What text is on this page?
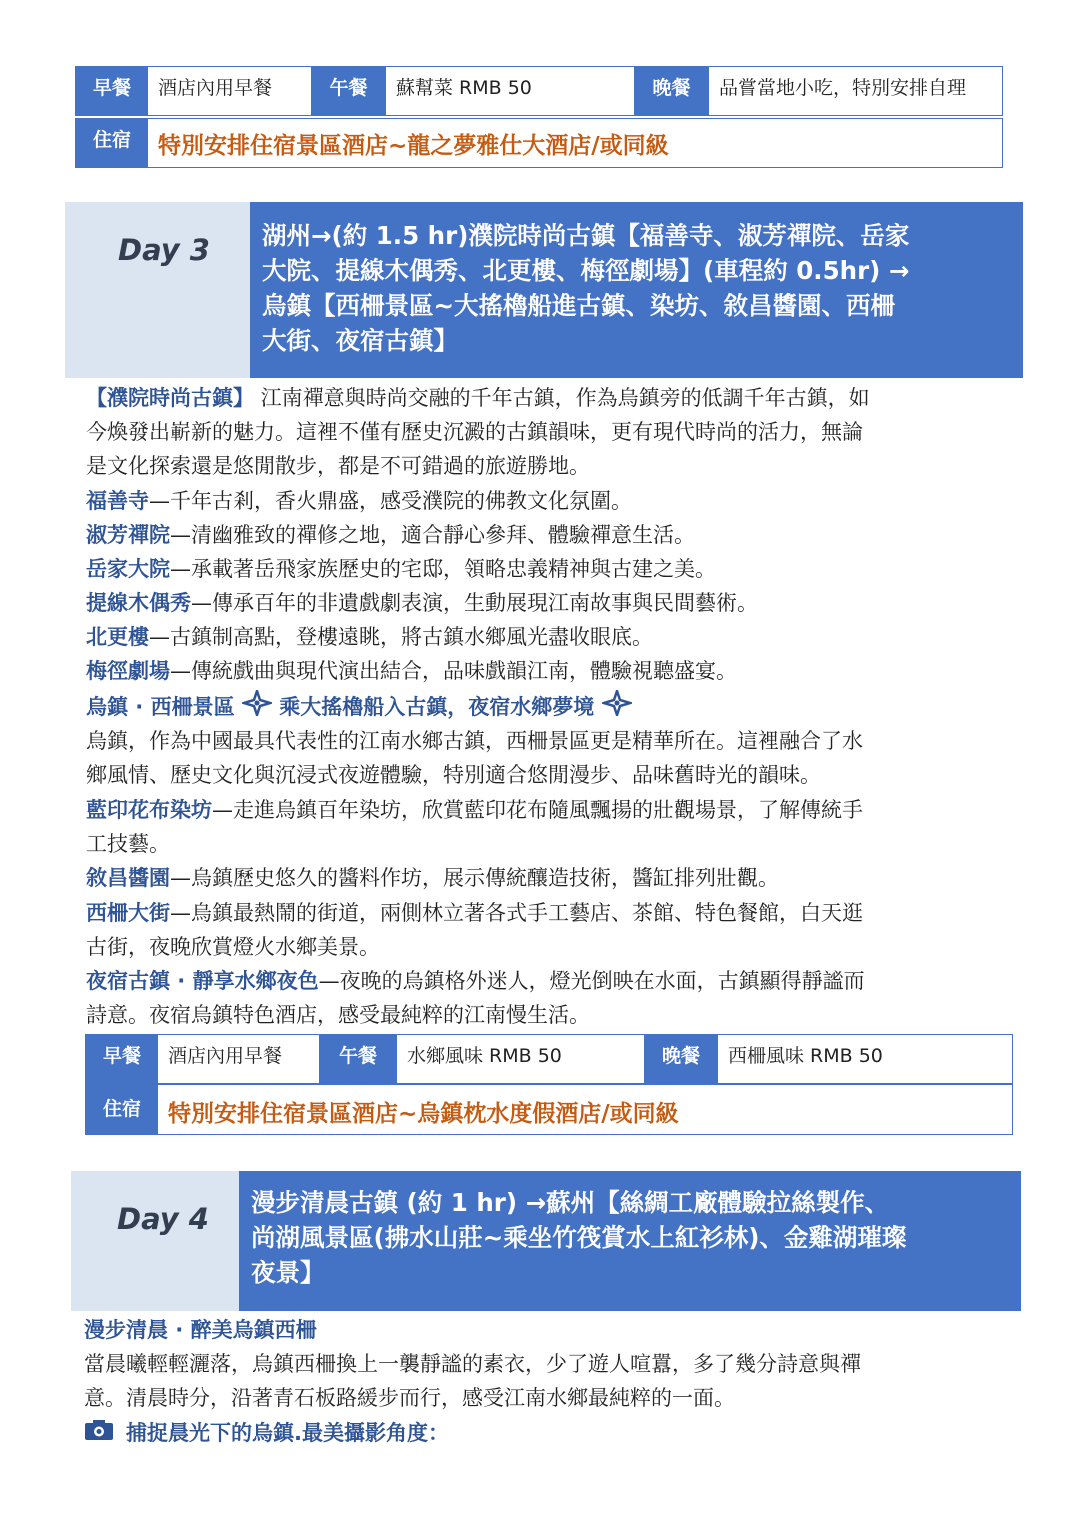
早餐	酒店內用早餐	午餐	蘇幫菜 RMB 50	晚餐	品嘗當地小吃，特別安排自理
住宿	特別安排住宿景區酒店~龍之夢雅仕大酒店/或同級
Day 3 湖州→(約 1.5 hr)濮院時尚古鎮【福善寺、淑芳禪院、岳家
大院、提線木偶秀、北更樓、梅徑劇場】(車程約 0.5hr) →
烏鎮【西柵景區~大搖櫓船進古鎮、染坊、敘昌醬園、西柵
大街、夜宿古鎮】
【濮院時尚古鎮】 江南禪意與時尚交融的千年古鎮，作為烏鎮旁的低調千年古鎮，如
今煥發出嶄新的魅力。這裡不僅有歷史沉澱的古鎮韻味，更有現代時尚的活力，無論
是文化探索還是悠閒散步，都是不可錯過的旅遊勝地。
福善寺—千年古剎，香火鼎盛，感受濮院的佛教文化氛圍。
淑芳禪院—清幽雅致的禪修之地，適合靜心參拜、體驗禪意生活。
岳家大院—承載著岳飛家族歷史的宅邸，領略忠義精神與古建之美。
提線木偶秀—傳承百年的非遺戲劇表演，生動展現江南故事與民間藝術。
北更樓—古鎮制高點，登樓遠眺，將古鎮水鄉風光盡收眼底。
梅徑劇場—傳統戲曲與現代演出結合，品味戲韻江南，體驗視聽盛宴。
烏鎮 · 西柵景區 乘大搖櫓船入古鎮，夜宿水鄉夢境
烏鎮，作為中國最具代表性的江南水鄉古鎮，西柵景區更是精華所在。這裡融合了水
鄉風情、歷史文化與沉浸式夜遊體驗，特別適合悠閒漫步、品味舊時光的韻味。
藍印花布染坊—走進烏鎮百年染坊，欣賞藍印花布隨風飄揚的壯觀場景，了解傳統手
工技藝。
敘昌醬園—烏鎮歷史悠久的醬料作坊，展示傳統釀造技術，醬缸排列壯觀。
西柵大街—烏鎮最熱鬧的街道，兩側林立著各式手工藝店、茶館、特色餐館，白天逛
古街，夜晚欣賞燈火水鄉美景。
夜宿古鎮 · 靜享水鄉夜色—夜晚的烏鎮格外迷人，燈光倒映在水面，古鎮顯得靜謐而
詩意。夜宿烏鎮特色酒店，感受最純粹的江南慢生活。
早餐	酒店內用早餐	午餐	水鄉風味 RMB 50	晚餐	西柵風味 RMB 50
住宿	特別安排住宿景區酒店~烏鎮枕水度假酒店/或同級
Day 4 漫步清晨古鎮 (約 1 hr) →蘇州【絲綢工廠體驗拉絲製作、
尚湖風景區(拂水山莊~乘坐竹筏賞水上紅衫林)、金雞湖璀璨
夜景】
漫步清晨 · 醉美烏鎮西柵
當晨曦輕輕灑落，烏鎮西柵換上一襲靜謐的素衣，少了遊人喧囂，多了幾分詩意與禪
意。清晨時分，沿著青石板路緩步而行，感受江南水鄉最純粹的一面。
捕捉晨光下的烏鎮.最美攝影角度：
